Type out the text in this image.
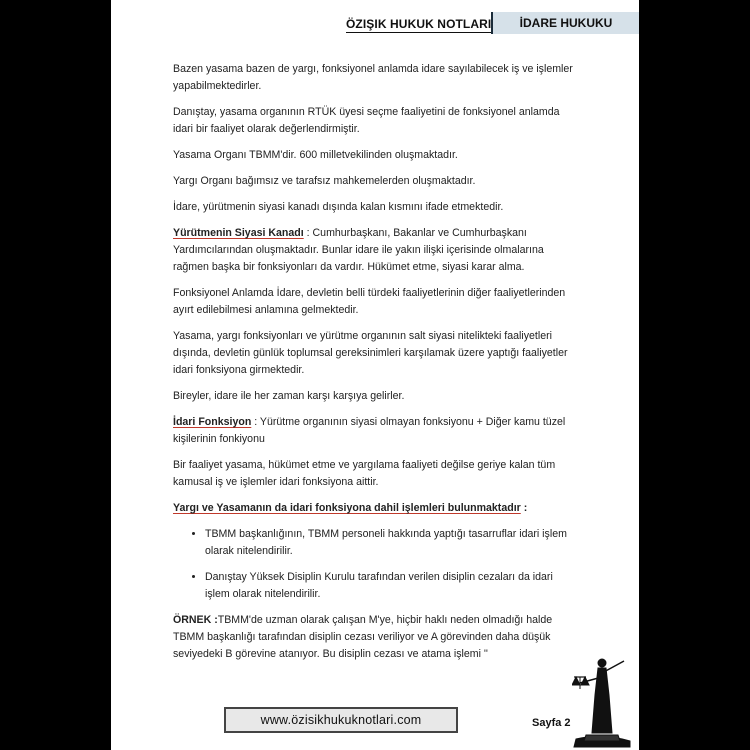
ÖZIŞIK HUKUK NOTLARI İDARE HUKUKU

Bazen yasama bazen de yargı, fonksiyonel anlamda idare sayılabilecek iş ve işlemler yapabilmektedirler.

Danıştay, yasama organının RTÜK üyesi seçme faaliyetini de fonksiyonel anlamda idari bir faaliyet olarak değerlendirmiştir.

Yasama Organı TBMM'dir. 600 milletvekilinden oluşmaktadır.

Yargı Organı bağımsız ve tarafsız mahkemelerden oluşmaktadır.

İdare, yürütmenin siyasi kanadı dışında kalan kısmını ifade etmektedir.

Yürütmenin Siyasi Kanadı : Cumhurbaşkanı, Bakanlar ve Cumhurbaşkanı Yardımcılarından oluşmaktadır. Bunlar idare ile yakın ilişki içerisinde olmalarına rağmen başka bir fonksiyonları da vardır. Hükümet etme, siyasi karar alma.

Fonksiyonel Anlamda İdare, devletin belli türdeki faaliyetlerinin diğer faaliyetlerinden ayırt edilebilmesi anlamına gelmektedir.

Yasama, yargı fonksiyonları ve yürütme organının salt siyasi nitelikteki faaliyetleri dışında, devletin günlük toplumsal gereksinimleri karşılamak üzere yaptığı faaliyetler idari fonksiyona girmektedir.

Bireyler, idare ile her zaman karşı karşıya gelirler.

İdari Fonksiyon : Yürütme organının siyasi olmayan fonksiyonu + Diğer kamu tüzel kişilerinin fonkiyonu

Bir faaliyet yasama, hükümet etme ve yargılama faaliyeti değilse geriye kalan tüm kamusal iş ve işlemler idari fonksiyona aittir.

Yargı ve Yasamanın da idari fonksiyona dahil işlemleri bulunmaktadır :

• TBMM başkanlığının, TBMM personeli hakkında yaptığı tasarruflar idari işlem olarak nitelendirilir.
• Danıştay Yüksek Disiplin Kurulu tarafından verilen disiplin cezaları da idari işlem olarak nitelendirilir.

ÖRNEK :TBMM'de uzman olarak çalışan M'ye, hiçbir haklı neden olmadığı halde TBMM başkanlığı tarafından disiplin cezası veriliyor ve A görevinden daha düşük seviyedeki B görevine atanıyor. Bu disiplin cezası ve atama işlemi ''

www.özisikhukuknotlari.com	Sayfa 2
